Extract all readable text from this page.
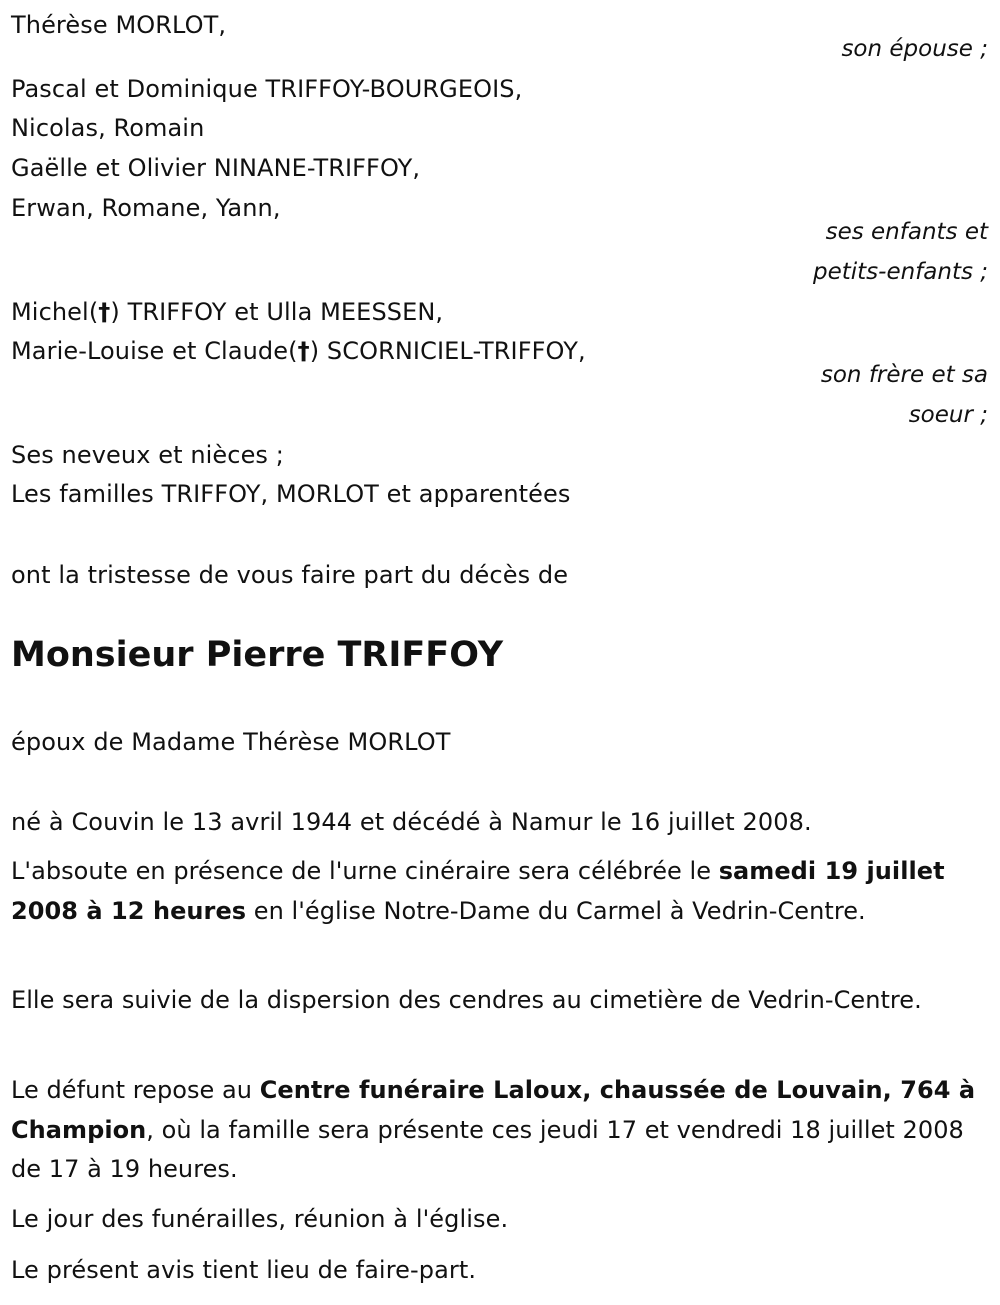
Thérèse MORLOT,
son épouse ;
Pascal et Dominique TRIFFOY-BOURGEOIS,
Nicolas, Romain
Gaëlle et Olivier NINANE-TRIFFOY,
Erwan, Romane, Yann,
ses enfants et
petits-enfants ;
Michel(†) TRIFFOY et Ulla MEESSEN,
Marie-Louise et Claude(†) SCORNICIEL-TRIFFOY,
son frère et sa
soeur ;
Ses neveux et nièces ;
Les familles TRIFFOY, MORLOT et apparentées
ont la tristesse de vous faire part du décès de
Monsieur Pierre TRIFFOY
époux de Madame Thérèse MORLOT
né à Couvin le 13 avril 1944 et décédé à Namur le 16 juillet 2008.
L'absoute en présence de l'urne cinéraire sera célébrée le samedi 19 juillet 2008 à 12 heures en l'église Notre-Dame du Carmel à Vedrin-Centre.
Elle sera suivie de la dispersion des cendres au cimetière de Vedrin-Centre.
Le défunt repose au Centre funéraire Laloux, chaussée de Louvain, 764 à Champion, où la famille sera présente ces jeudi 17 et vendredi 18 juillet 2008 de 17 à 19 heures.
Le jour des funérailles, réunion à l'église.
Le présent avis tient lieu de faire-part.
